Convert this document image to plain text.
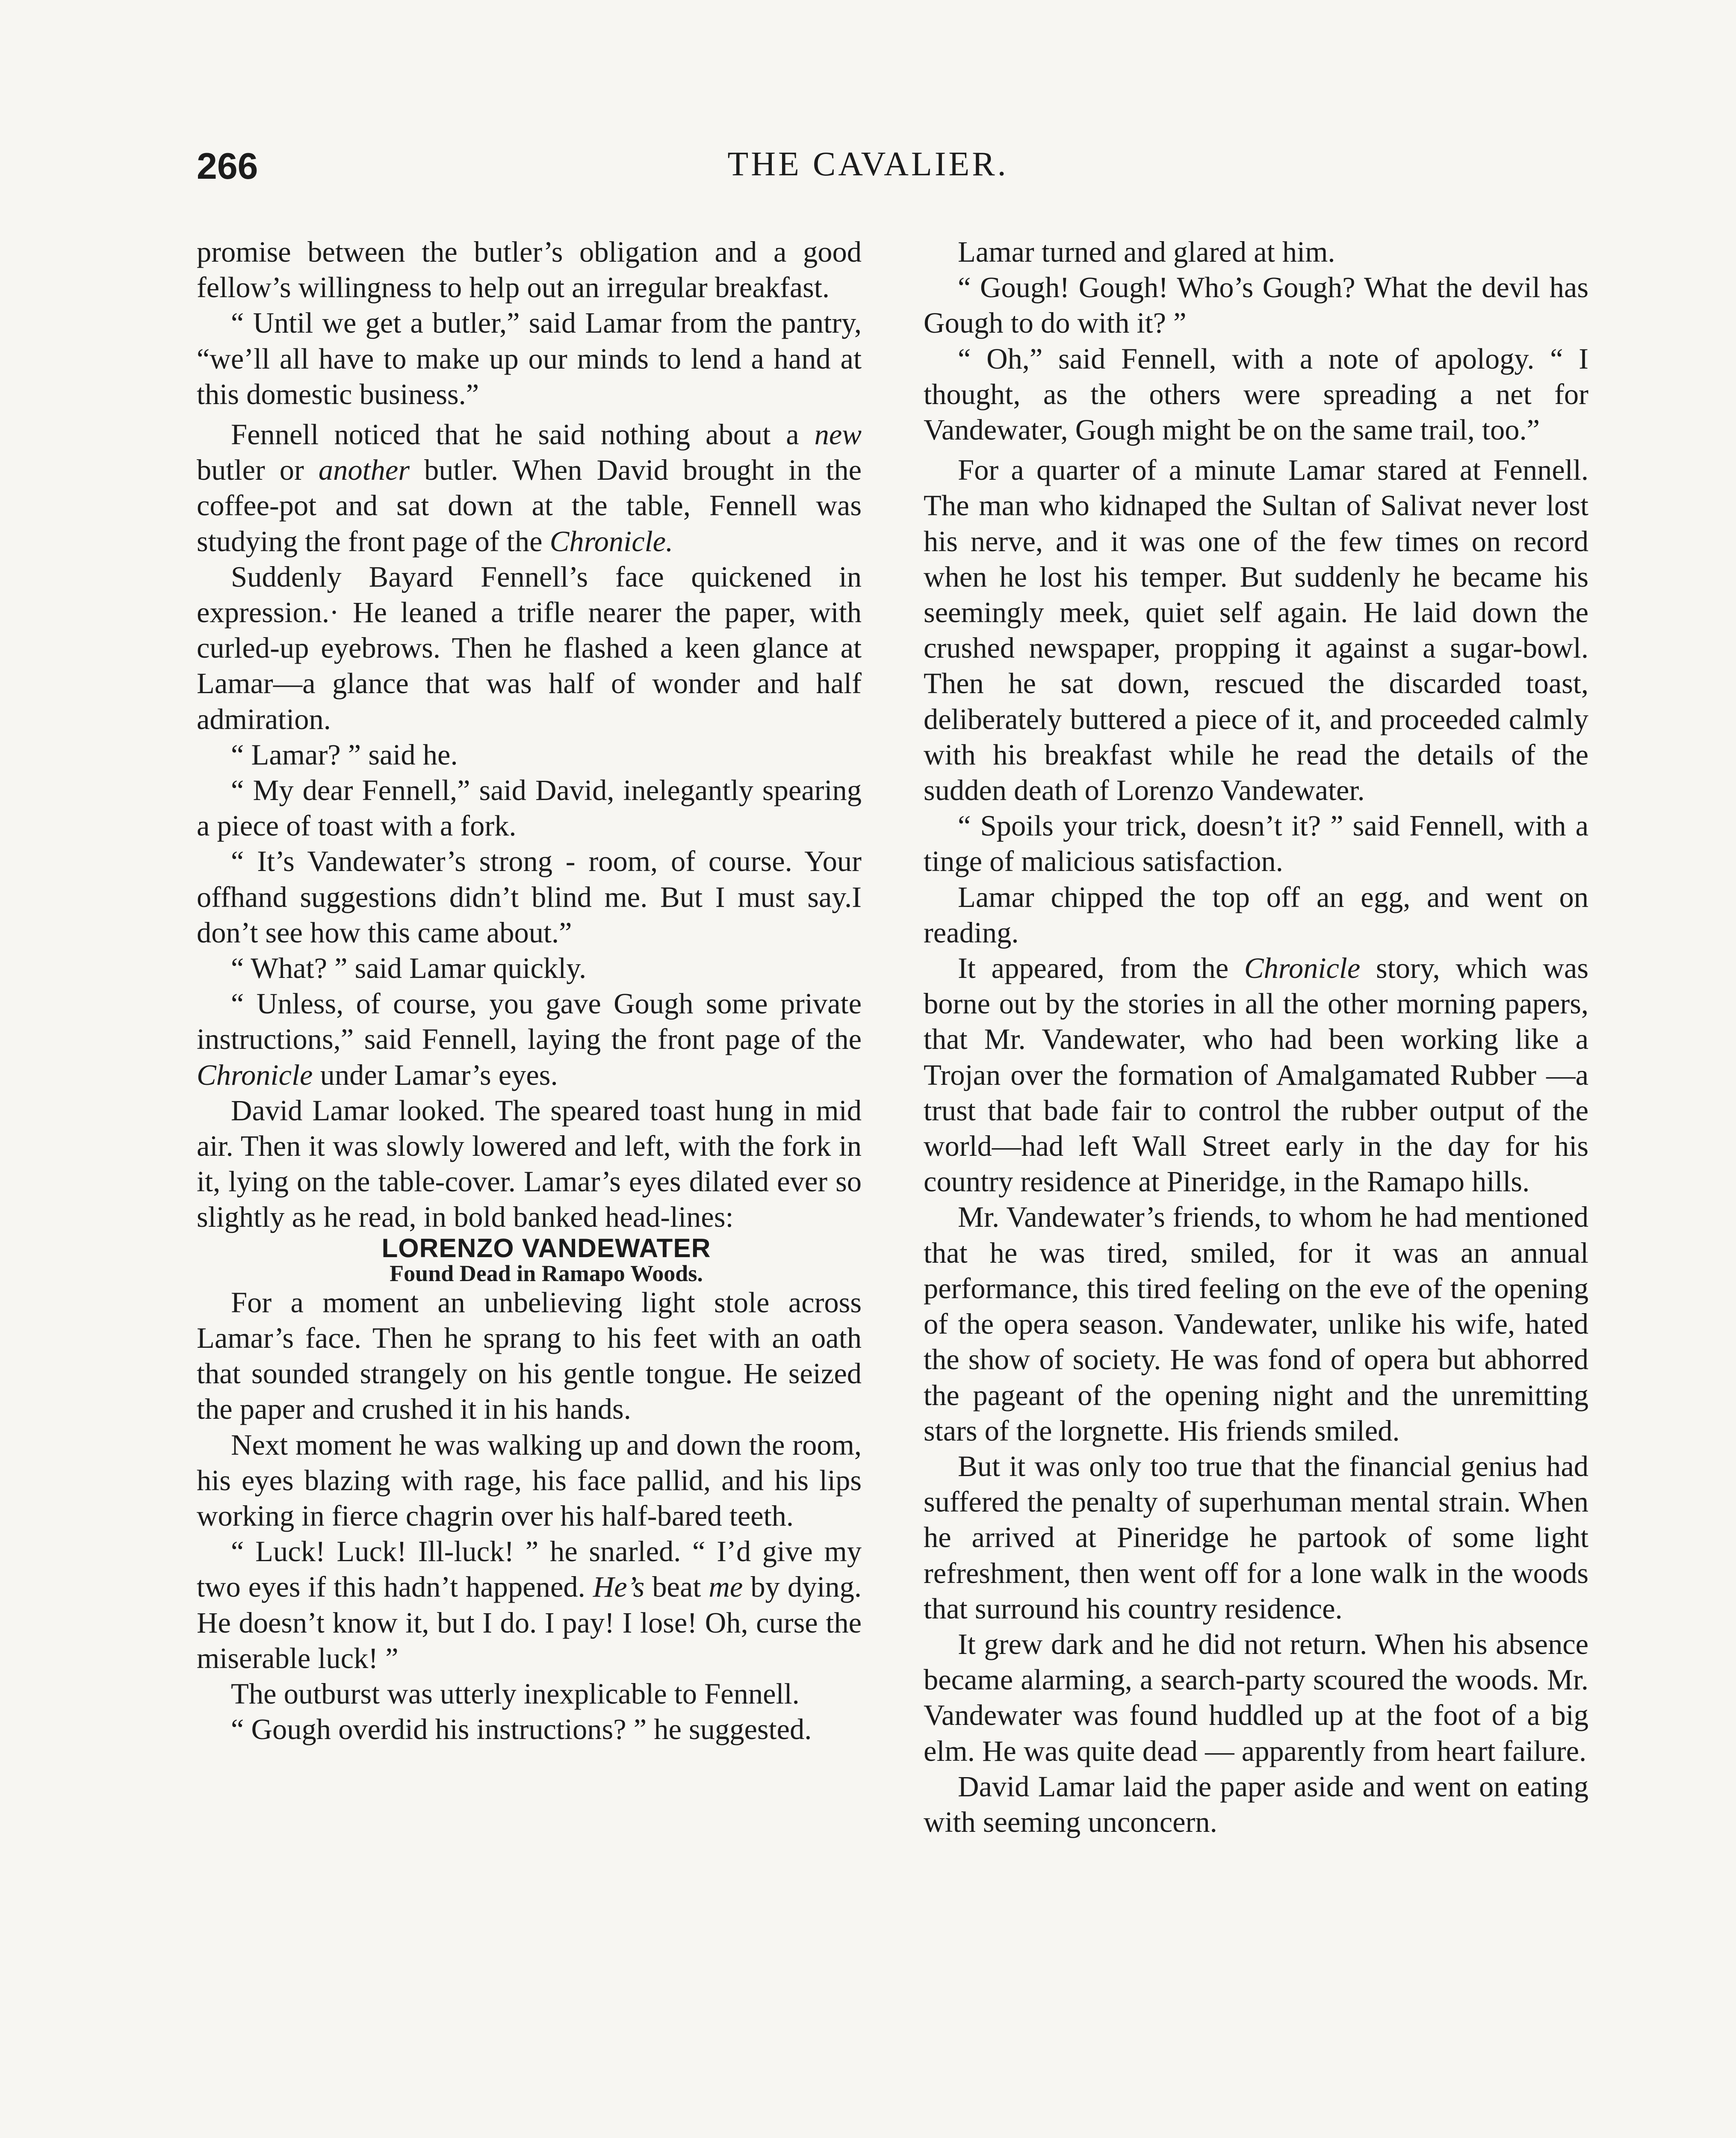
266	THE CAVALIER.

promise between the butler’s obligation and a good fellow’s willingness to help out an irregular breakfast.

“ Until we get a butler,” said Lamar from the pantry, “we’ll all have to make up our minds to lend a hand at this domestic business.”

Fennell noticed that he said nothing about a new butler or another butler. When David brought in the coffee-pot and sat down at the table, Fennell was studying the front page of the Chronicle.

Suddenly Bayard Fennell’s face quickened in expression.· He leaned a trifle nearer the paper, with curled-up eyebrows. Then he flashed a keen glance at Lamar—a glance that was half of wonder and half admiration.

“ Lamar? ” said he.

“ My dear Fennell,” said David, inelegantly spearing a piece of toast with a fork.

“ It’s Vandewater’s strong - room, of course. Your offhand suggestions didn’t blind me. But I must say.I don’t see how this came about.”

“ What? ” said Lamar quickly.

“ Unless, of course, you gave Gough some private instructions,” said Fennell, laying the front page of the Chronicle under Lamar’s eyes.

David Lamar looked. The speared toast hung in mid air. Then it was slowly lowered and left, with the fork in it, lying on the table-cover. Lamar’s eyes dilated ever so slightly as he read, in bold banked head-lines:

LORENZO VANDEWATER

Found Dead in Ramapo Woods.

For a moment an unbelieving light stole across Lamar’s face. Then he sprang to his feet with an oath that sounded strangely on his gentle tongue. He seized the paper and crushed it in his hands.

Next moment he was walking up and down the room, his eyes blazing with rage, his face pallid, and his lips working in fierce chagrin over his half-bared teeth.

“ Luck! Luck! Ill-luck! ” he snarled. “ I’d give my two eyes if this hadn’t happened. He’s beat me by dying. He doesn’t know it, but I do. I pay! I lose! Oh, curse the miserable luck! ”

The outburst was utterly inexplicable to Fennell.

“ Gough overdid his instructions? ” he suggested.

Lamar turned and glared at him.

“ Gough! Gough! Who’s Gough? What the devil has Gough to do with it? ”

“ Oh,” said Fennell, with a note of apology. “ I thought, as the others were spreading a net for Vandewater, Gough might be on the same trail, too.”

For a quarter of a minute Lamar stared at Fennell. The man who kidnaped the Sultan of Salivat never lost his nerve, and it was one of the few times on record when he lost his temper. But suddenly he became his seemingly meek, quiet self again. He laid down the crushed newspaper, propping it against a sugar-bowl. Then he sat down, rescued the discarded toast, deliberately buttered a piece of it, and proceeded calmly with his breakfast while he read the details of the sudden death of Lorenzo Vandewater.

“ Spoils your trick, doesn’t it? ” said Fennell, with a tinge of malicious satisfaction.

Lamar chipped the top off an egg, and went on reading.

It appeared, from the Chronicle story, which was borne out by the stories in all the other morning papers, that Mr. Vandewater, who had been working like a Trojan over the formation of Amalgamated Rubber —a trust that bade fair to control the rubber output of the world—had left Wall Street early in the day for his country residence at Pineridge, in the Ramapo hills.

Mr. Vandewater’s friends, to whom he had mentioned that he was tired, smiled, for it was an annual performance, this tired feeling on the eve of the opening of the opera season. Vandewater, unlike his wife, hated the show of society. He was fond of opera but abhorred the pageant of the opening night and the unremitting stars of the lorgnette. His friends smiled.

But it was only too true that the financial genius had suffered the penalty of superhuman mental strain. When he arrived at Pineridge he partook of some light refreshment, then went off for a lone walk in the woods that surround his country residence.

It grew dark and he did not return. When his absence became alarming, a search-party scoured the woods. Mr. Vandewater was found huddled up at the foot of a big elm. He was quite dead — apparently from heart failure.

David Lamar laid the paper aside and went on eating with seeming unconcern.
